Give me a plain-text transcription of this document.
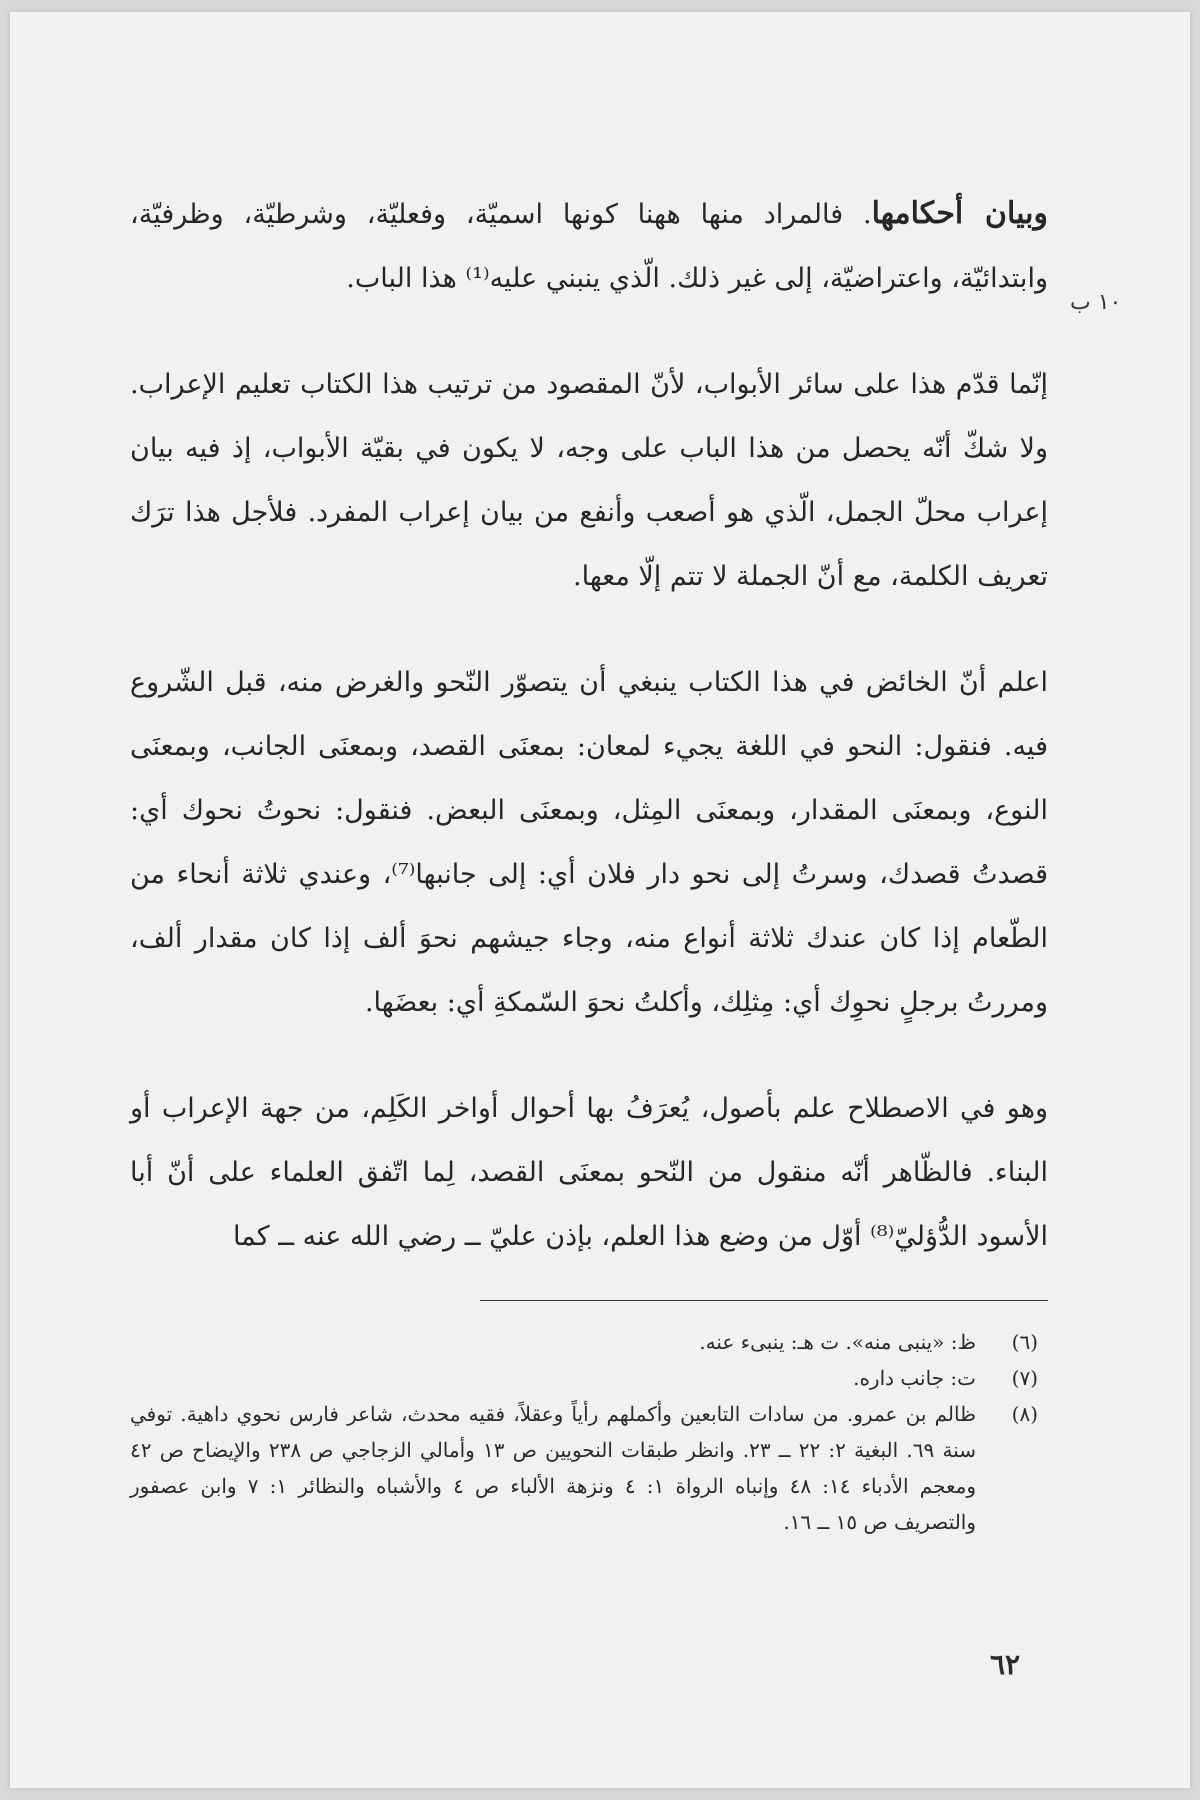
١٠ ب

وبيان أحكامها. فالمراد منها ههنا كونها اسميّة، وفعليّة، وشرطيّة، وظرفيّة، وابتدائيّة، واعتراضيّة، إلى غير ذلك. الّذي ينبني عليه⁽¹⁾ هذا الباب.

إنّما قدّم هذا على سائر الأبواب، لأنّ المقصود من ترتيب هذا الكتاب تعليم الإعراب. ولا شكّ أنّه يحصل من هذا الباب على وجه، لا يكون في بقيّة الأبواب، إذ فيه بيان إعراب محلّ الجمل، الّذي هو أصعب وأنفع من بيان إعراب المفرد. فلأجل هذا ترَك تعريف الكلمة، مع أنّ الجملة لا تتم إلّا معها.

اعلم أنّ الخائض في هذا الكتاب ينبغي أن يتصوّر النّحو والغرض منه، قبل الشّروع فيه. فنقول: النحو في اللغة يجيء لمعان: بمعنَى القصد، وبمعنَى الجانب، وبمعنَى النوع، وبمعنَى المقدار، وبمعنَى المِثل، وبمعنَى البعض. فنقول: نحوتُ نحوك أي: قصدتُ قصدك، وسرتُ إلى نحو دار فلان أي: إلى جانبها⁽⁷⁾، وعندي ثلاثة أنحاء من الطّعام إذا كان عندك ثلاثة أنواع منه، وجاء جيشهم نحوَ ألف إذا كان مقدار ألف، ومررتُ برجلٍ نحوِك أي: مِثلِك، وأكلتُ نحوَ السّمكةِ أي: بعضَها.

وهو في الاصطلاح علم بأصول، يُعرَفُ بها أحوال أواخر الكَلِم، من جهة الإعراب أو البناء. فالظّاهر أنّه منقول من النّحو بمعنَى القصد، لِما اتّفق العلماء على أنّ أبا الأسود الدُّؤليّ⁽⁸⁾ أوّل من وضع هذا العلم، بإذن عليّ ــ رضي الله عنه ــ كما

(٦)
ظ: «ينبى منه». ت هـ: ينبىء عنه.
(٧)
ت: جانب داره.
(٨)
ظالم بن عمرو. من سادات التابعين وأكملهم رأياً وعقلاً، فقيه محدث، شاعر فارس نحوي داهية. توفي سنة ٦٩. البغية ٢: ٢٢ ــ ٢٣. وانظر طبقات النحويين ص ١٣ وأمالي الزجاجي ص ٢٣٨ والإيضاح ص ٤٢ ومعجم الأدباء ١٤: ٤٨ وإنباه الرواة ١: ٤ ونزهة الألباء ص ٤ والأشباه والنظائر ١: ٧ وابن عصفور والتصريف ص ١٥ ــ ١٦.
٦٢
